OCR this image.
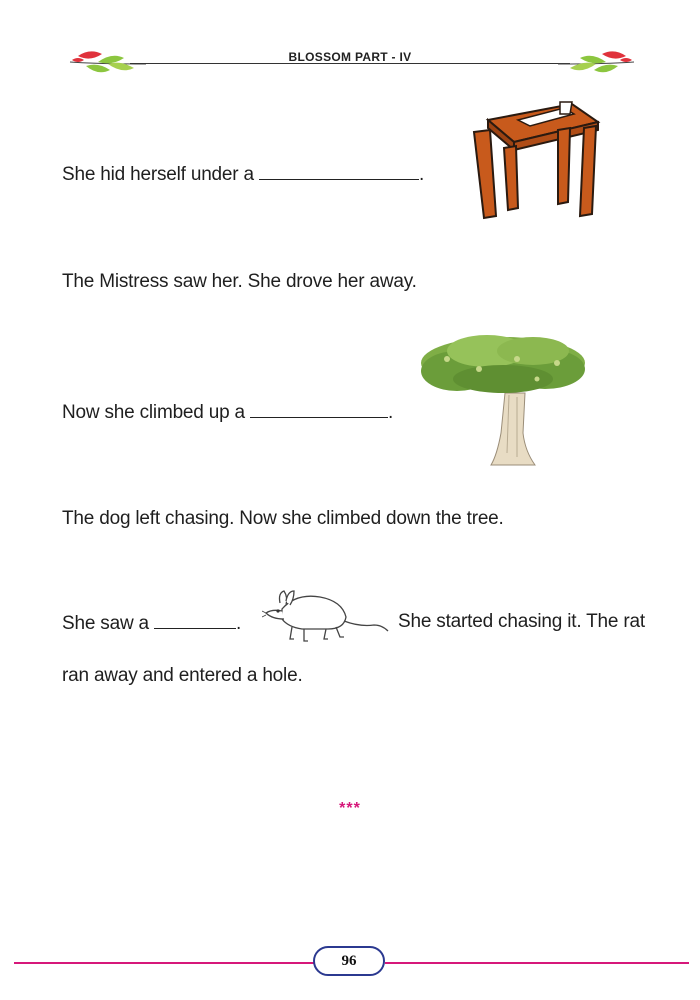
BLOSSOM PART - IV
She hid herself under a	.
The Mistress saw her. She drove her away.
Now she climbed up a	.
The dog left chasing. Now she climbed down the tree.
She saw a	.	She started chasing it. The rat
ran away and entered a hole.
***
96
